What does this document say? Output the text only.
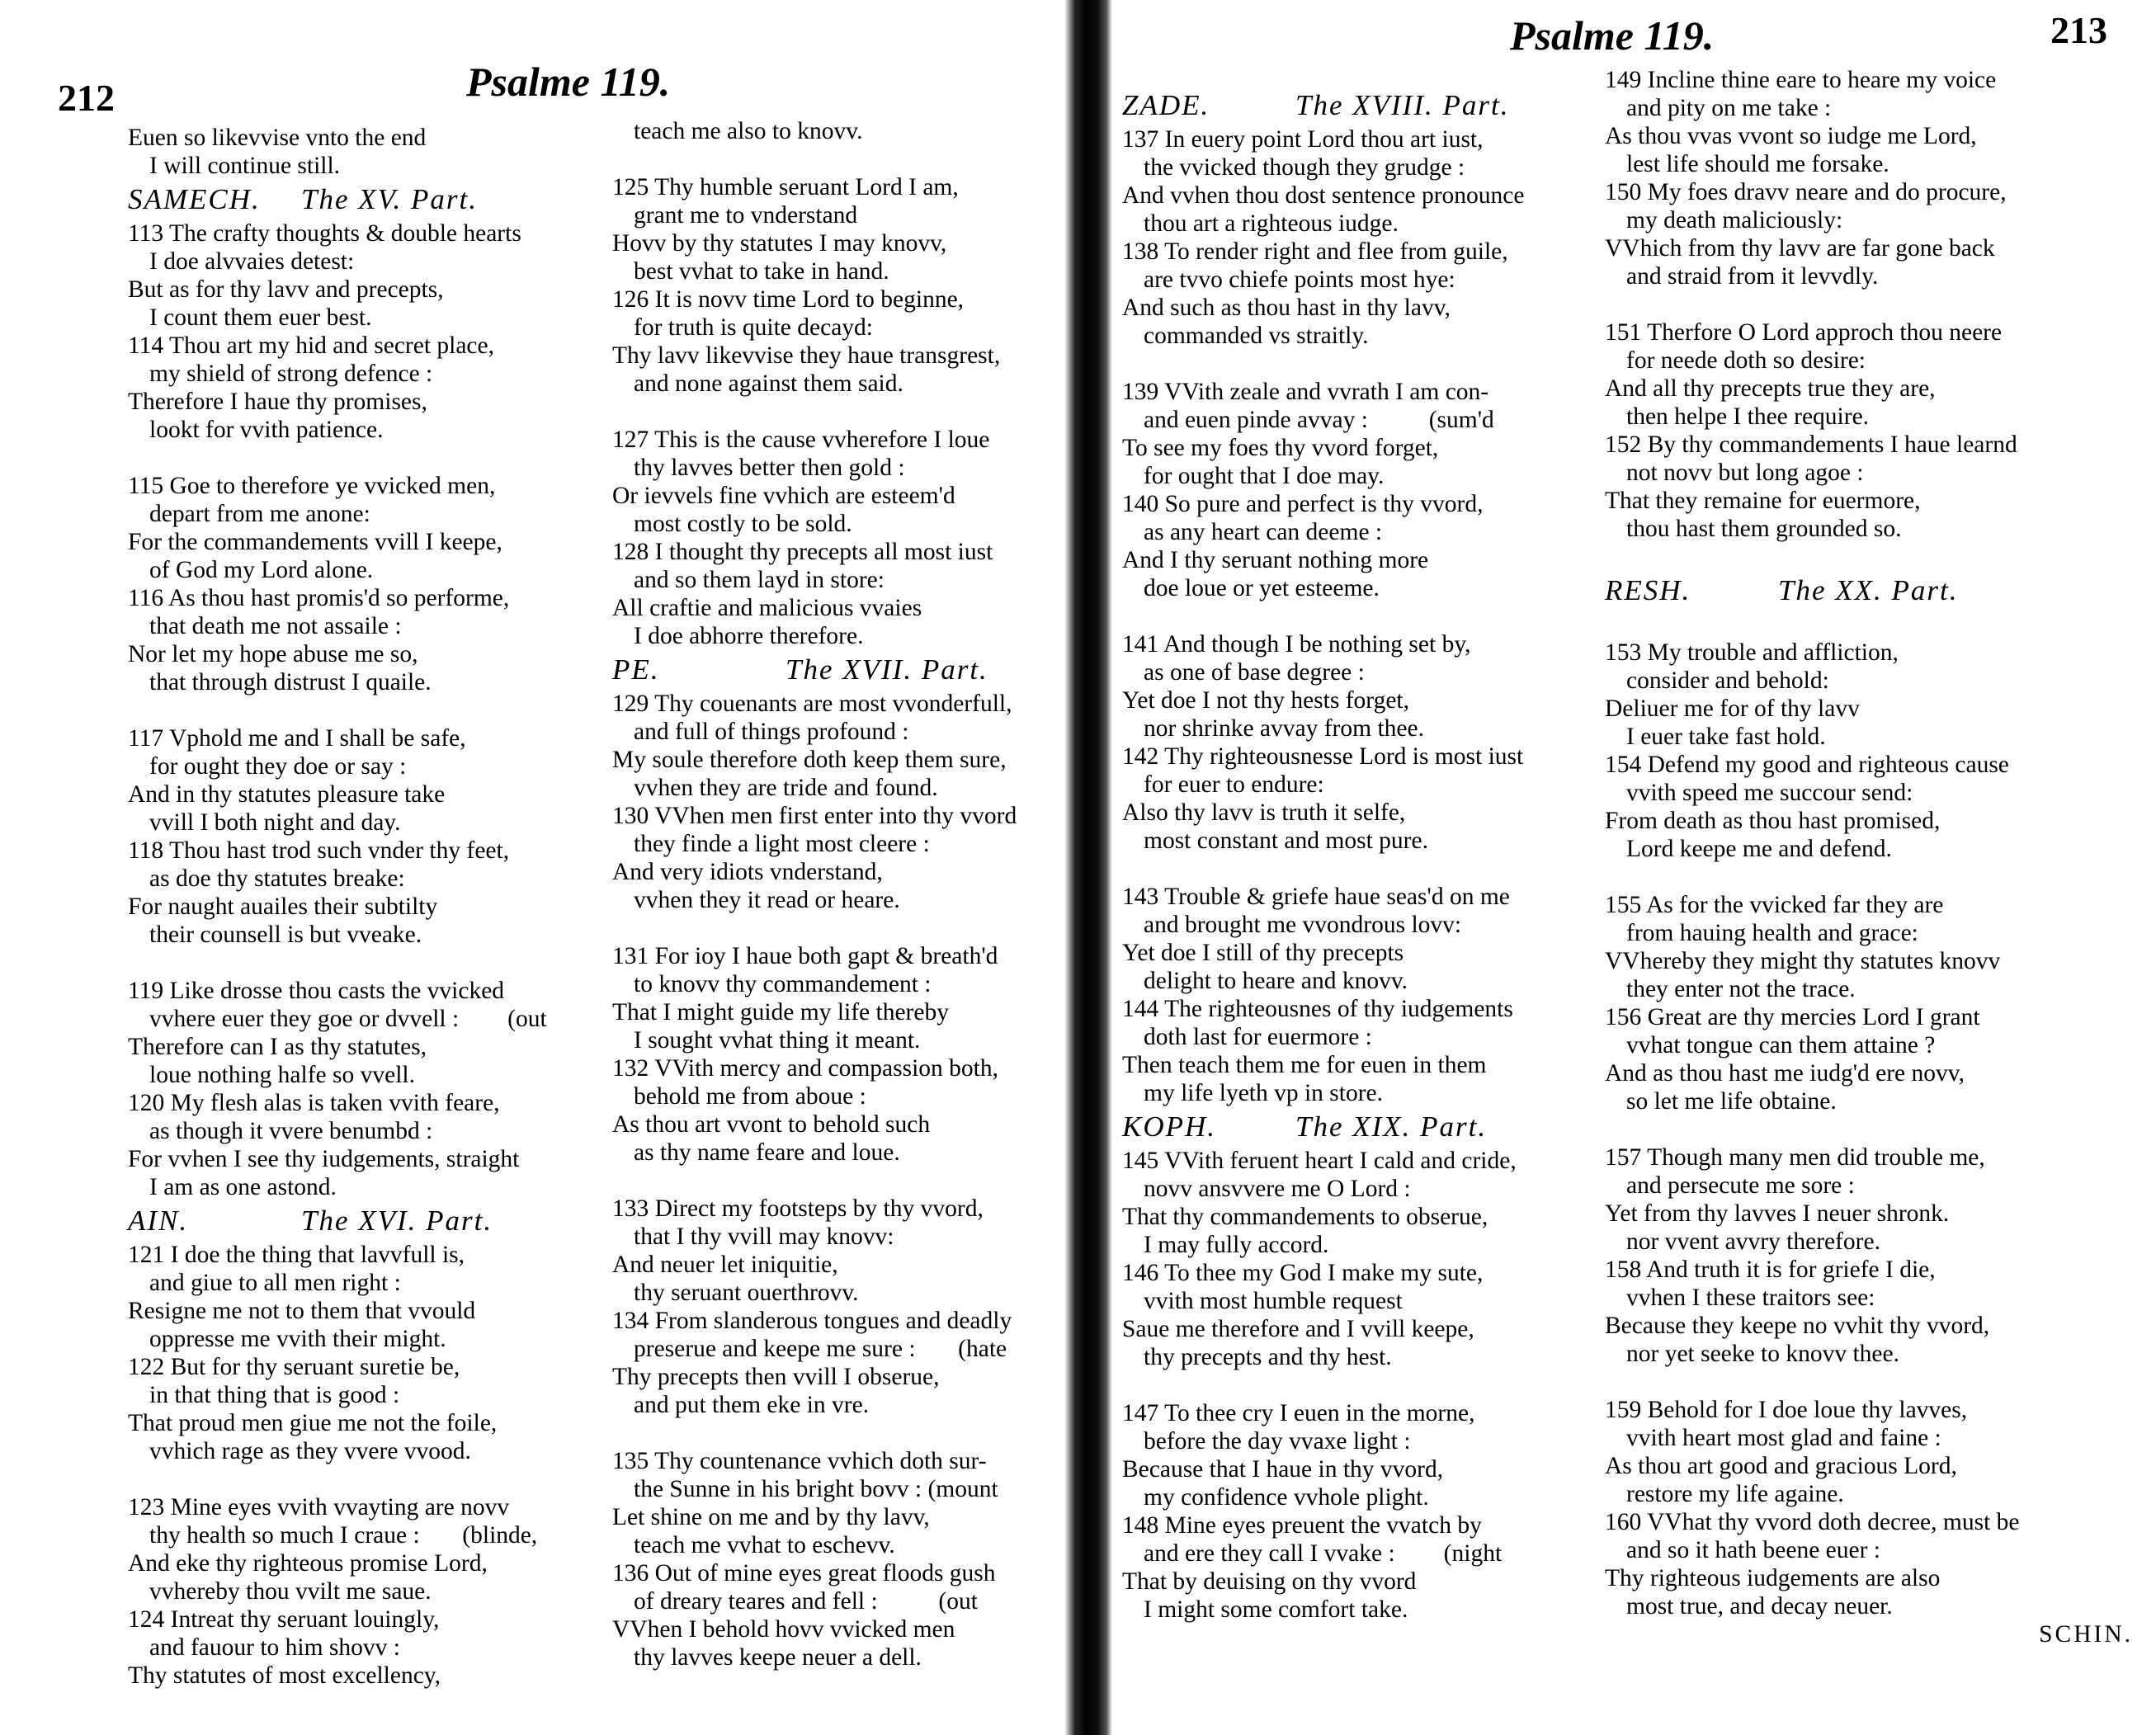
212	Psalme 119.
213
Psalme 119.
Euen so likevvise vnto the end
I will continue still.
SAMECH. The XV. Part.
113 The crafty thoughts & double hearts
I doe alvvaies detest:
But as for thy lavv and precepts,
I count them euer best.
114 Thou art my hid and secret place,
my shield of strong defence :
Therefore I haue thy promises,
lookt for vvith patience.
115 Goe to therefore ye vvicked men,
depart from me anone:
For the commandements vvill I keepe,
of God my Lord alone.
116 As thou hast promis'd so performe,
that death me not assaile :
Nor let my hope abuse me so,
that through distrust I quaile.
117 Vphold me and I shall be safe,
for ought they doe or say :
And in thy statutes pleasure take
vvill I both night and day.
118 Thou hast trod such vnder thy feet,
as doe thy statutes breake:
For naught auailes their subtilty
their counsell is but vveake.
119 Like drosse thou casts the vvicked
vvhere euer they goe or dvvell :        (out
Therefore can I as thy statutes,
loue nothing halfe so vvell.
120 My flesh alas is taken vvith feare,
as though it vvere benumbd :
For vvhen I see thy iudgements, straight
I am as one astond.
AIN.	The XVI. Part.
121 I doe the thing that lavvfull is,
and giue to all men right :
Resigne me not to them that vvould
oppresse me vvith their might.
122 But for thy seruant suretie be,
in that thing that is good :
That proud men giue me not the foile,
vvhich rage as they vvere vvood.
123 Mine eyes vvith vvayting are novv
thy health so much I craue :       (blinde,
And eke thy righteous promise Lord,
vvhereby thou vvilt me saue.
124 Intreat thy seruant louingly,
and fauour to him shovv :
Thy statutes of most excellency,
teach me also to knovv.
125 Thy humble seruant Lord I am,
grant me to vnderstand
Hovv by thy statutes I may knovv,
best vvhat to take in hand.
126 It is novv time Lord to beginne,
for truth is quite decayd:
Thy lavv likevvise they haue transgrest,
and none against them said.
127 This is the cause vvherefore I loue
thy lavves better then gold :
Or ievvels fine vvhich are esteem'd
most costly to be sold.
128 I thought thy precepts all most iust
and so them layd in store:
All craftie and malicious vvaies
I doe abhorre therefore.
PE.	The XVII. Part.
129 Thy couenants are most vvonderfull,
and full of things profound :
My soule therefore doth keep them sure,
vvhen they are tride and found.
130 VVhen men first enter into thy vvord
they finde a light most cleere :
And very idiots vnderstand,
vvhen they it read or heare.
131 For ioy I haue both gapt & breath'd
to knovv thy commandement :
That I might guide my life thereby
I sought vvhat thing it meant.
132 VVith mercy and compassion both,
behold me from aboue :
As thou art vvont to behold such
as thy name feare and loue.
133 Direct my footsteps by thy vvord,
that I thy vvill may knovv:
And neuer let iniquitie,
thy seruant ouerthrovv.
134 From slanderous tongues and deadly
preserue and keepe me sure :       (hate
Thy precepts then vvill I obserue,
and put them eke in vre.
135 Thy countenance vvhich doth sur-
the Sunne in his bright bovv : (mount
Let shine on me and by thy lavv,
teach me vvhat to eschevv.
136 Out of mine eyes great floods gush
of dreary teares and fell :          (out
VVhen I behold hovv vvicked men
thy lavves keepe neuer a dell.
ZADE.	The XVIII. Part.
137 In euery point Lord thou art iust,
the vvicked though they grudge :
And vvhen thou dost sentence pronounce
thou art a righteous iudge.
138 To render right and flee from guile,
are tvvo chiefe points most hye:
And such as thou hast in thy lavv,
commanded vs straitly.
139 VVith zeale and vvrath I am con-
and euen pinde avvay :          (sum'd
To see my foes thy vvord forget,
for ought that I doe may.
140 So pure and perfect is thy vvord,
as any heart can deeme :
And I thy seruant nothing more
doe loue or yet esteeme.
141 And though I be nothing set by,
as one of base degree :
Yet doe I not thy hests forget,
nor shrinke avvay from thee.
142 Thy righteousnesse Lord is most iust
for euer to endure:
Also thy lavv is truth it selfe,
most constant and most pure.
143 Trouble & griefe haue seas'd on me
and brought me vvondrous lovv:
Yet doe I still of thy precepts
delight to heare and knovv.
144 The righteousnes of thy iudgements
doth last for euermore :
Then teach them me for euen in them
my life lyeth vp in store.
KOPH.	The XIX. Part.
145 VVith feruent heart I cald and cride,
novv ansvvere me O Lord :
That thy commandements to obserue,
I may fully accord.
146 To thee my God I make my sute,
vvith most humble request
Saue me therefore and I vvill keepe,
thy precepts and thy hest.
147 To thee cry I euen in the morne,
before the day vvaxe light :
Because that I haue in thy vvord,
my confidence vvhole plight.
148 Mine eyes preuent the vvatch by
and ere they call I vvake :        (night
That by deuising on thy vvord
I might some comfort take.
149 Incline thine eare to heare my voice
and pity on me take :
As thou vvas vvont so iudge me Lord,
lest life should me forsake.
150 My foes dravv neare and do procure,
my death maliciously:
VVhich from thy lavv are far gone back
and straid from it levvdly.
151 Therfore O Lord approch thou neere
for neede doth so desire:
And all thy precepts true they are,
then helpe I thee require.
152 By thy commandements I haue learnd
not novv but long agoe :
That they remaine for euermore,
thou hast them grounded so.
RESH.	The XX. Part.
153 My trouble and affliction,
consider and behold:
Deliuer me for of thy lavv
I euer take fast hold.
154 Defend my good and righteous cause
vvith speed me succour send:
From death as thou hast promised,
Lord keepe me and defend.
155 As for the vvicked far they are
from hauing health and grace:
VVhereby they might thy statutes knovv
they enter not the trace.
156 Great are thy mercies Lord I grant
vvhat tongue can them attaine ?
And as thou hast me iudg'd ere novv,
so let me life obtaine.
157 Though many men did trouble me,
and persecute me sore :
Yet from thy lavves I neuer shronk.
nor vvent avvry therefore.
158 And truth it is for griefe I die,
vvhen I these traitors see:
Because they keepe no vvhit thy vvord,
nor yet seeke to knovv thee.
159 Behold for I doe loue thy lavves,
vvith heart most glad and faine :
As thou art good and gracious Lord,
restore my life againe.
160 VVhat thy vvord doth decree, must be
and so it hath beene euer :
Thy righteous iudgements are also
most true, and decay neuer.
SCHIN.
